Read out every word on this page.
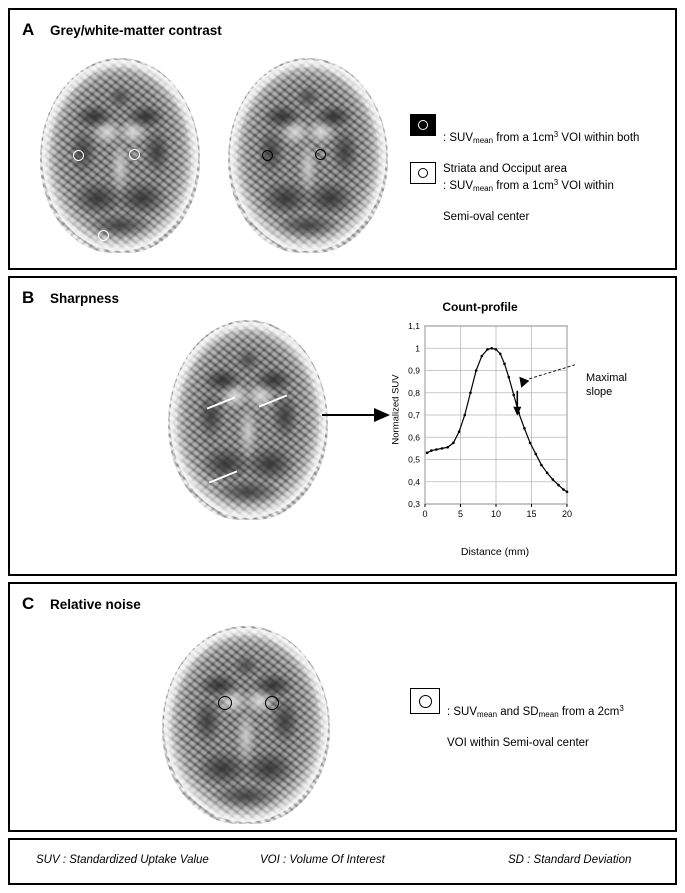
A Grey/white-matter contrast

: $SUV_{mean}$ from a $1cm^3$ VOI within both

Striata and Occiput area

: $SUV_{mean}$ from a $1cm^3$ VOI within

Semi-oval center

B Sharpness
Count-profile
Normalized SUV
Distance (mm)
0,3
0,4
0,5
0,6
0,7
0,8
0,9
1
1,1
0	5	10	15	20
Maximal
slope
C Relative noise

: $SUV_{mean}$ and $SD_{mean}$ from a $2cm^3$

VOI within Semi-oval center

SUV : Standardized Uptake Value	VOI : Volume Of Interest	SD : Standard Deviation
